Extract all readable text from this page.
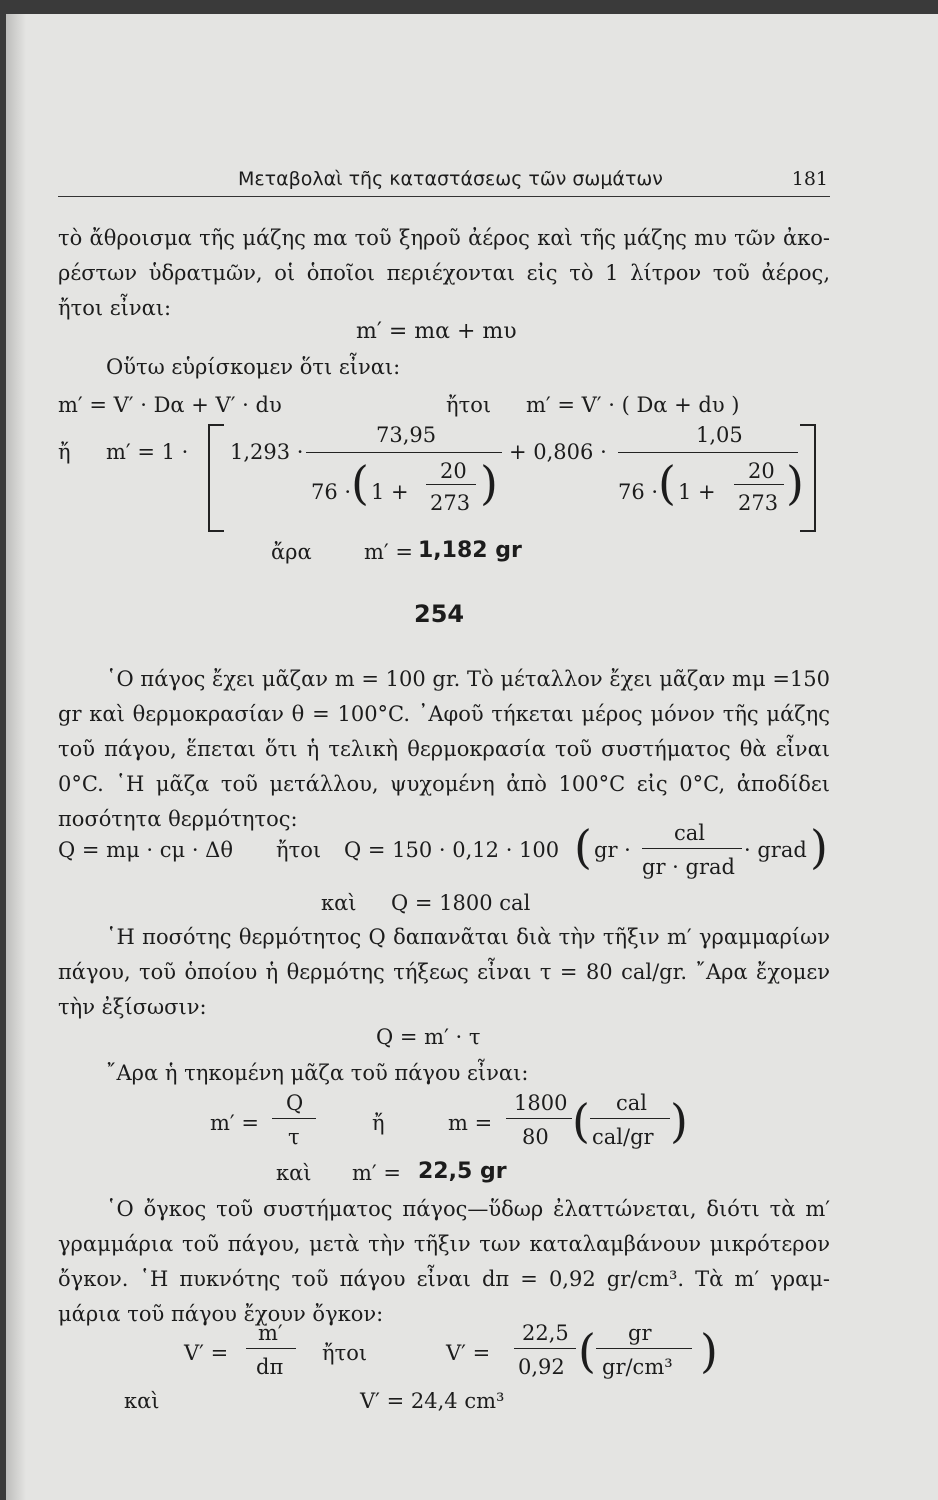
Μεταβολαὶ τῆς καταστάσεως τῶν σωμάτων	181
τὸ ἄθροισμα τῆς μάζης mα τοῦ ξηροῦ ἀέρος καὶ τῆς μάζης mυ τῶν ἀκο-ρέστων ὑδρατμῶν, οἱ ὁποῖοι περιέχονται εἰς τὸ 1 λίτρον τοῦ ἀέρος, ἤτοι εἶναι:
m′ = mα + mυ
Οὕτω εὑρίσκομεν ὅτι εἶναι:
m′ = V′ · Dα + V′ · dυ	ἤτοι m′ = V′ · ( Dα + dυ )
ἤ m′ = 1 · 1,293 ·
73,95
76 · ( 1 +
20
273 )
+ 0,806 ·
1,05
76 · ( 1 +
20
273 )
ἄρα m′ = 1,182 gr
254
῾Ο πάγος ἔχει μᾶζαν m = 100 gr. Τὸ μέταλλον ἔχει μᾶζαν mμ =150 gr καὶ θερμοκρασίαν θ = 100°C. ᾿Αφοῦ τήκεται μέρος μόνον τῆς μάζης τοῦ πάγου, ἕπεται ὅτι ἡ τελικὴ θερμοκρασία τοῦ συστήματος θὰ εἶναι 0°C. ῾Η μᾶζα τοῦ μετάλλου, ψυχομένη ἀπὸ 100°C εἰς 0°C, ἀποδίδει ποσότητα θερμότητος:
Q = mμ · cμ · Δθ ἤτοι Q = 150 · 0,12 · 100 ( gr ·
cal
gr · grad
· grad )
καὶ Q = 1800 cal
῾Η ποσότης θερμότητος Q δαπανᾶται διὰ τὴν τῆξιν m′ γραμμαρίων πάγου, τοῦ ὁποίου ἡ θερμότης τήξεως εἶναι τ = 80 cal/gr. ῎Αρα ἔχομεν τὴν ἐξίσωσιν:
Q = m′ · τ
῎Αρα ἡ τηκομένη μᾶζα τοῦ πάγου εἶναι:
m′ =
Q
τ
ἤ	m =
1800
80 ( cal
cal/gr )
καὶ m′ = 22,5 gr
῾Ο ὄγκος τοῦ συστήματος πάγος—ὕδωρ ἐλαττώνεται, διότι τὰ m′ γραμμάρια τοῦ πάγου, μετὰ τὴν τῆξιν των καταλαμβάνουν μικρότερον ὄγκον. ῾Η πυκνότης τοῦ πάγου εἶναι dπ = 0,92 gr/cm³. Τὰ m′ γραμ-μάρια τοῦ πάγου ἔχουν ὄγκον:
V′ =
m′
dπ
ἤτοι	V′ =
22,5
0,92 ( gr
gr/cm³ )
καὶ	V′ = 24,4 cm³
